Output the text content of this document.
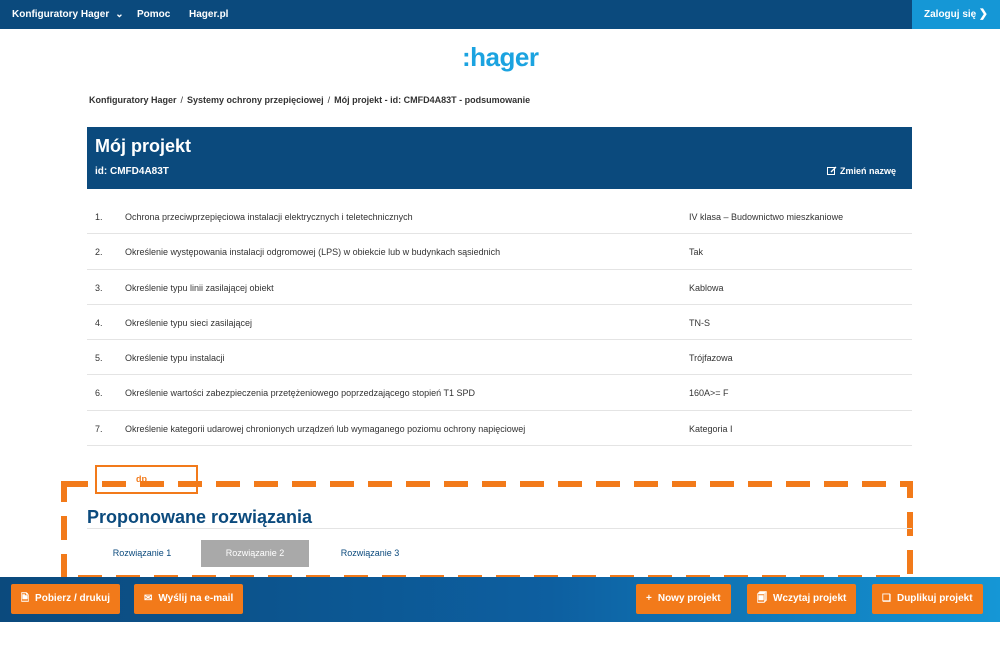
Konfiguratory Hager ⌄ Pomoc Hager.pl	Zaloguj się ❯
:hager
Konfiguratory Hager / Systemy ochrony przepięciowej / Mój projekt - id: CMFD4A83T - podsumowanie
Mój projekt
id: CMFD4A83T	Zmień nazwę
1. Ochrona przeciwprzepięciowa instalacji elektrycznych i teletechnicznych	IV klasa – Budownictwo mieszkaniowe
2. Określenie występowania instalacji odgromowej (LPS) w obiekcie lub w budynkach sąsiednich	Tak
3. Określenie typu linii zasilającej obiekt	Kablowa
4. Określenie typu sieci zasilającej	TN-S
5. Określenie typu instalacji	Trójfazowa
6. Określenie wartości zabezpieczenia przetężeniowego poprzedzającego stopień T1 SPD	160A>= F
7. Określenie kategorii udarowej chronionych urządzeń lub wymaganego poziomu ochrony napięciowej	Kategoria I
dp
Proponowane rozwiązania
Rozwiązanie 1	Rozwiązanie 2	Rozwiązanie 3
🗎 Pobierz / drukuj	✉ Wyślij na e-mail	+ Nowy projekt	🗐 Wczytaj projekt	❏ Duplikuj projekt
